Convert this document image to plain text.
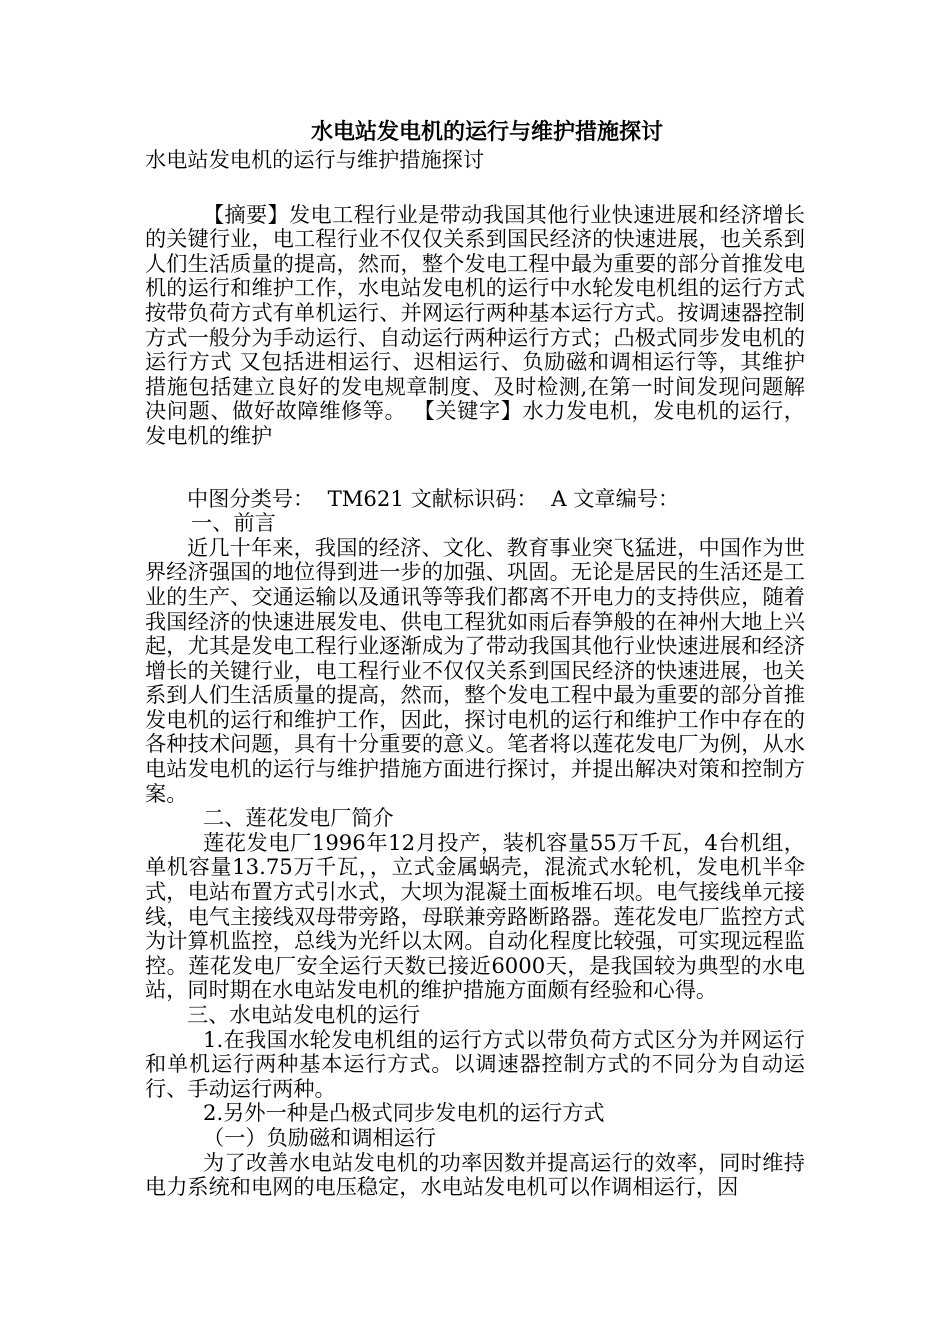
水电站发电机的运行与维护措施探讨

水电站发电机的运行与维护措施探讨

【摘要】发电工程行业是带动我国其他行业快速进展和经济增长的关键行业，电工程行业不仅仅关系到国民经济的快速进展，也关系到人们生活质量的提高，然而，整个发电工程中最为重要的部分首推发电机的运行和维护工作，水电站发电机的运行中水轮发电机组的运行方式按带负荷方式有单机运行、并网运行两种基本运行方式。按调速器控制方式一般分为手动运行、自动运行两种运行方式；凸极式同步发电机的运行方式 又包括进相运行、迟相运行、负励磁和调相运行等，其维护措施包括建立良好的发电规章制度、及时检测,在第一时间发现问题解决问题、做好故障维修等。 【关键字】水力发电机，发电机的运行，发电机的维护

中图分类号：  TM621 文献标识码：  A 文章编号：

一、前言

近几十年来，我国的经济、文化、教育事业突飞猛进，中国作为世界经济强国的地位得到进一步的加强、巩固。无论是居民的生活还是工业的生产、交通运输以及通讯等等我们都离不开电力的支持供应，随着我国经济的快速进展发电、供电工程犹如雨后春笋般的在神州大地上兴起，尤其是发电工程行业逐渐成为了带动我国其他行业快速进展和经济增长的关键行业，电工程行业不仅仅关系到国民经济的快速进展，也关系到人们生活质量的提高，然而，整个发电工程中最为重要的部分首推发电机的运行和维护工作，因此，探讨电机的运行和维护工作中存在的各种技术问题，具有十分重要的意义。笔者将以莲花发电厂为例，从水电站发电机的运行与维护措施方面进行探讨，并提出解决对策和控制方案。

二、莲花发电厂简介

莲花发电厂1996年12月投产，装机容量55万千瓦，4台机组，单机容量13.75万千瓦，，立式金属蜗壳，混流式水轮机，发电机半伞式，电站布置方式引水式，大坝为混凝土面板堆石坝。电气接线单元接线，电气主接线双母带旁路，母联兼旁路断路器。莲花发电厂监控方式为计算机监控，总线为光纤以太网。自动化程度比较强，可实现远程监控。莲花发电厂安全运行天数已接近6000天，是我国较为典型的水电站，同时期在水电站发电机的维护措施方面颇有经验和心得。

三、水电站发电机的运行

1.在我国水轮发电机组的运行方式以带负荷方式区分为并网运行和单机运行两种基本运行方式。以调速器控制方式的不同分为自动运行、手动运行两种。

2.另外一种是凸极式同步发电机的运行方式

（一）负励磁和调相运行

为了改善水电站发电机的功率因数并提高运行的效率，同时维持电力系统和电网的电压稳定，水电站发电机可以作调相运行，因
